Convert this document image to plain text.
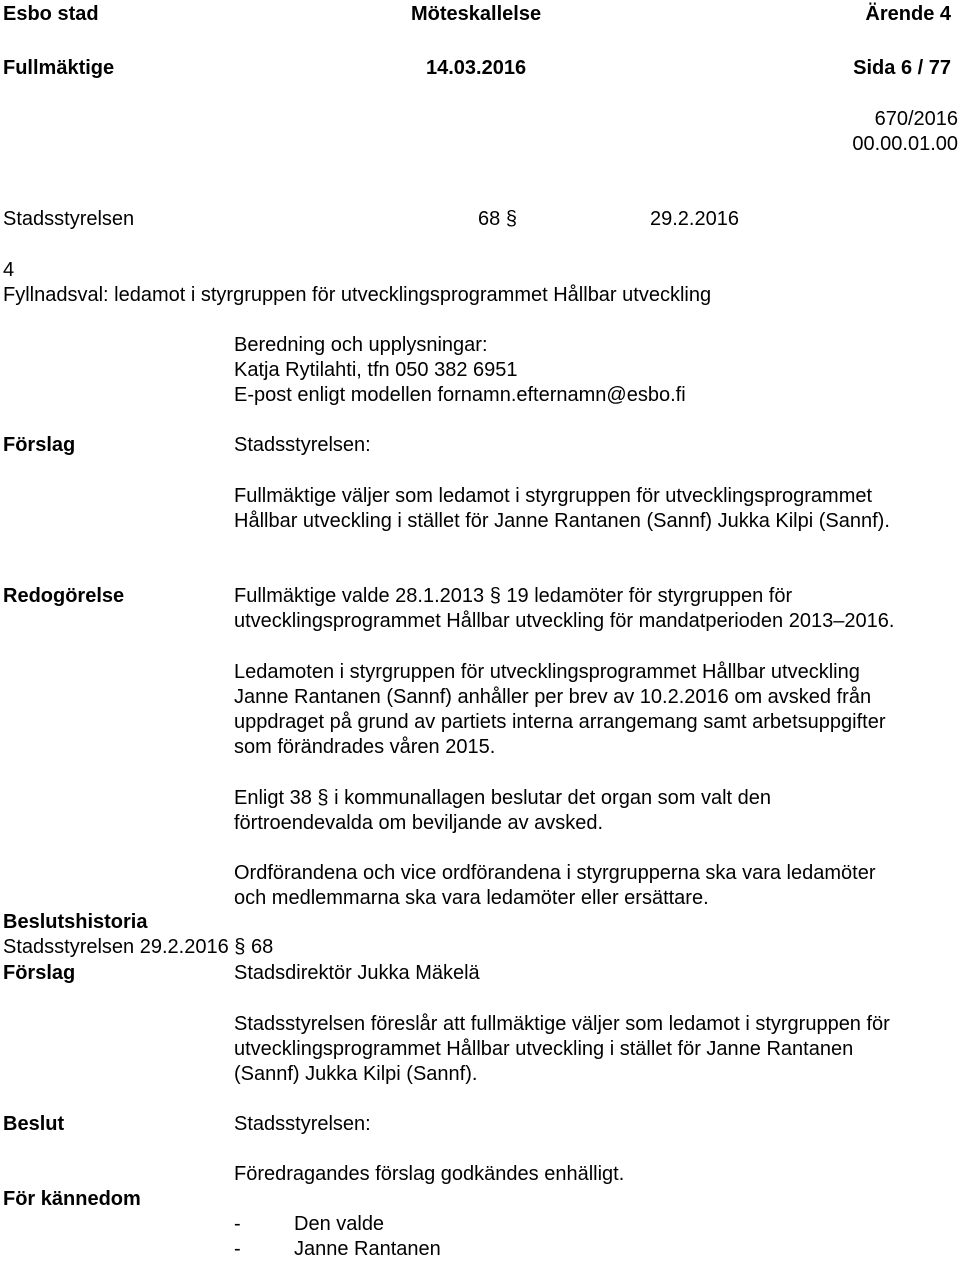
Esbo stad	Möteskallelse	Ärende 4
Fullmäktige	14.03.2016	Sida 6 / 77
670/2016
00.00.01.00
Stadsstyrelsen	68 §	29.2.2016
4
Fyllnadsval: ledamot i styrgruppen för utvecklingsprogrammet Hållbar utveckling
Beredning och upplysningar:
Katja Rytilahti, tfn 050 382 6951
E-post enligt modellen fornamn.efternamn@esbo.fi
Förslag	Stadsstyrelsen:
Fullmäktige väljer som ledamot i styrgruppen för utvecklingsprogrammet
Hållbar utveckling i stället för Janne Rantanen (Sannf) Jukka Kilpi (Sannf).
Redogörelse	Fullmäktige valde 28.1.2013 § 19 ledamöter för styrgruppen för
utvecklingsprogrammet Hållbar utveckling för mandatperioden 2013–2016.
Ledamoten i styrgruppen för utvecklingsprogrammet Hållbar utveckling
Janne Rantanen (Sannf) anhåller per brev av 10.2.2016 om avsked från
uppdraget på grund av partiets interna arrangemang samt arbetsuppgifter
som förändrades våren 2015.
Enligt 38 § i kommunallagen beslutar det organ som valt den
förtroendevalda om beviljande av avsked.
Ordförandena och vice ordförandena i styrgrupperna ska vara ledamöter
och medlemmarna ska vara ledamöter eller ersättare.
Beslutshistoria
Stadsstyrelsen 29.2.2016 § 68
Förslag	Stadsdirektör Jukka Mäkelä
Stadsstyrelsen föreslår att fullmäktige väljer som ledamot i styrgruppen för
utvecklingsprogrammet Hållbar utveckling i stället för Janne Rantanen
(Sannf) Jukka Kilpi (Sannf).
Beslut	Stadsstyrelsen:
Föredragandes förslag godkändes enhälligt.
För kännedom
-	Den valde
-	Janne Rantanen
